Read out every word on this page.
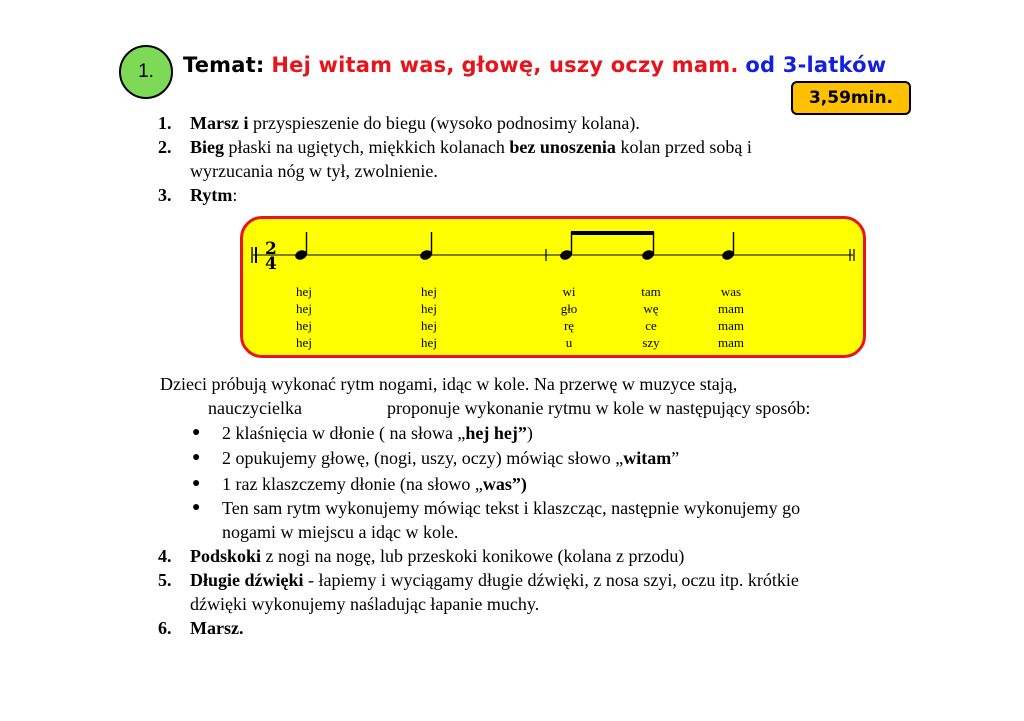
1. Temat: Hej witam was, głowę, uszy oczy mam. od 3-latków
3,59min.
1. Marsz i przyspieszenie do biegu (wysoko podnosimy kolana).
2. Bieg płaski na ugiętych, miękkich kolanach bez unoszenia kolan przed sobą i
wyrzucania nóg w tył, zwolnienie.
3. Rytm:
2
4
hej
hej
hej
hej
hej
hej
hej
hej
wi
gło
rę
u
tam
wę
ce
szy
was
mam
mam
mam
Dzieci próbują wykonać rytm nogami, idąc w kole. Na przerwę w muzyce stają,
nauczycielka	proponuje wykonanie rytmu w kole w następujący sposób:
● 2 klaśnięcia w dłonie ( na słowa „hej hej”)
● 2 opukujemy głowę, (nogi, uszy, oczy) mówiąc słowo „witam”
● 1 raz klaszczemy dłonie (na słowo „was”)
● Ten sam rytm wykonujemy mówiąc tekst i klaszcząc, następnie wykonujemy go
nogami w miejscu a idąc w kole.
4. Podskoki z nogi na nogę, lub przeskoki konikowe (kolana z przodu)
5. Długie dźwięki - łapiemy i wyciągamy długie dźwięki, z nosa szyi, oczu itp. krótkie
dźwięki wykonujemy naśladując łapanie muchy.
6. Marsz.
